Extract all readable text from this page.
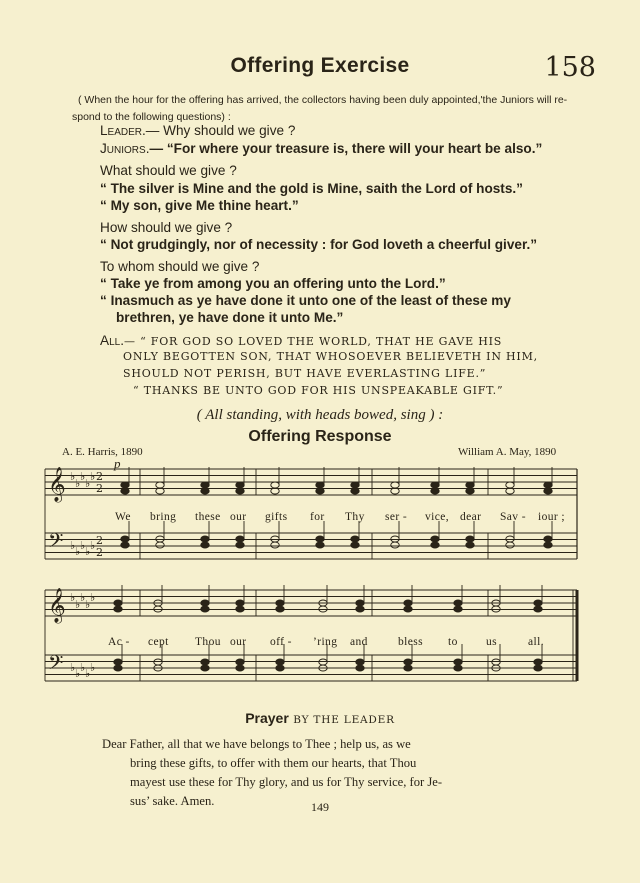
Offering Exercise	158
( When the hour for the offering has arrived, the collectors having been duly appointed,'the Juniors will re-
spond to the following questions) :
Leader.— Why should we give ?
Juniors.— “For where your treasure is, there will your heart be also.”
What should we give ?
“ The silver is Mine and the gold is Mine, saith the Lord of hosts.”
“ My son, give Me thine heart.”
How should we give ?
“ Not grudgingly, nor of necessity : for God loveth a cheerful giver.”
To whom should we give ?
“ Take ye from among you an offering unto the Lord.”
“ Inasmuch as ye have done it unto one of the least of these my
brethren, ye have done it unto Me.”
All.— “ FOR GOD SO LOVED THE WORLD, THAT HE GAVE HIS
ONLY BEGOTTEN SON, THAT WHOSOEVER BELIEVETH IN HIM,
SHOULD NOT PERISH, BUT HAVE EVERLASTING LIFE.”
“ THANKS BE UNTO GOD FOR HIS UNSPEAKABLE GIFT.”
( All standing, with heads bowed, sing ) :
Offering Response
A. E. Harris, 1890	William A. May, 1890
p
𝄞 ♭
♭
♭
♭
♭
𝄞 ♭
♭
♭
♭
♭
𝄢 ♭ ♭ ♭ ♭ ♭
𝄢 ♭ ♭ ♭ ♭ ♭
2
2
2
2
We bring these our gifts for Thy ser - vice, dear Sav - iour ;
Ac - cept Thou our off - ’ring and	bless to us	all.
Prayer BY THE LEADER
Dear Father, all that we have belongs to Thee ; help us, as we
bring these gifts, to offer with them our hearts, that Thou
mayest use these for Thy glory, and us for Thy service, for Je-
sus’ sake. Amen.	149
